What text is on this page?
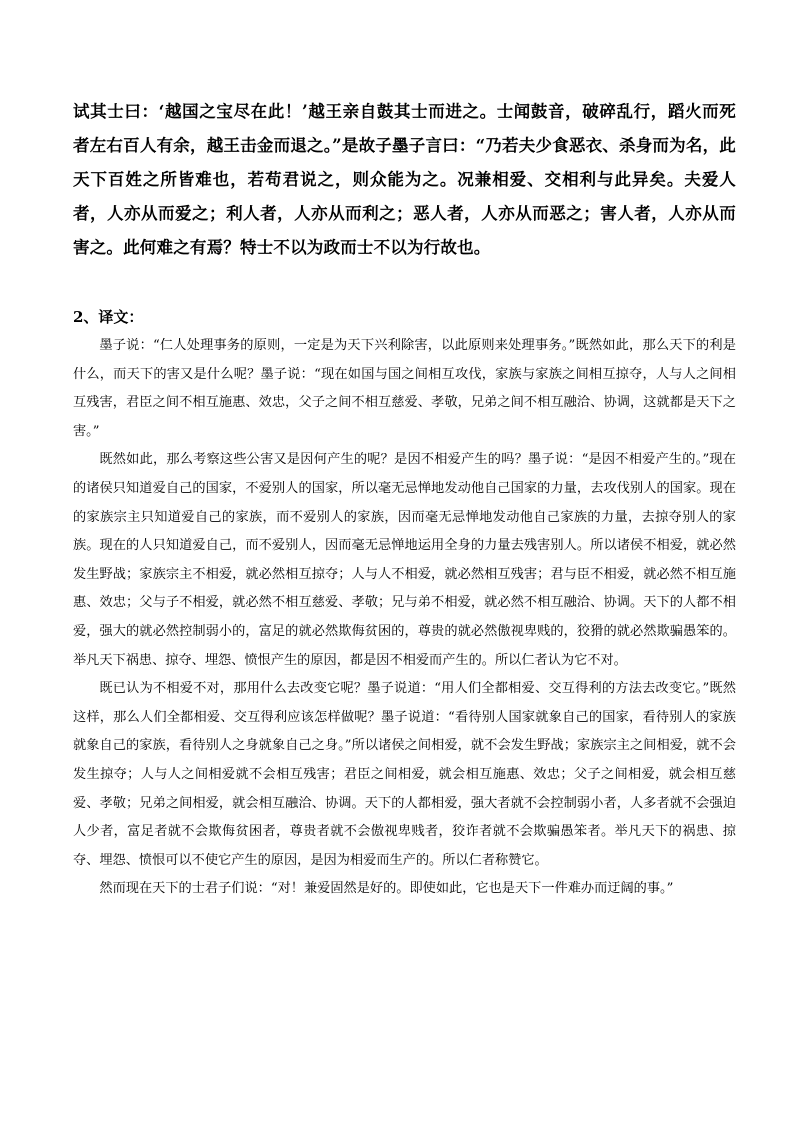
试其士曰：‘越国之宝尽在此！’越王亲自鼓其士而进之。士闻鼓音，破碎乱行，蹈火而死者左右百人有余，越王击金而退之。”是故子墨子言曰：“乃若夫少食恶衣、杀身而为名，此天下百姓之所皆难也，若苟君说之，则众能为之。况兼相爱、交相利与此异矣。夫爱人者，人亦从而爱之；利人者，人亦从而利之；恶人者，人亦从而恶之；害人者，人亦从而害之。此何难之有焉？特士不以为政而士不以为行故也。

2、译文：

墨子说：“仁人处理事务的原则，一定是为天下兴利除害，以此原则来处理事务。”既然如此，那么天下的利是什么，而天下的害又是什么呢？墨子说：“现在如国与国之间相互攻伐，家族与家族之间相互掠夺，人与人之间相互残害，君臣之间不相互施惠、效忠，父子之间不相互慈爱、孝敬，兄弟之间不相互融洽、协调，这就都是天下之害。”

既然如此，那么考察这些公害又是因何产生的呢？是因不相爱产生的吗？墨子说：“是因不相爱产生的。”现在的诸侯只知道爱自己的国家，不爱别人的国家，所以毫无忌惮地发动他自己国家的力量，去攻伐别人的国家。现在的家族宗主只知道爱自己的家族，而不爱别人的家族，因而毫无忌惮地发动他自己家族的力量，去掠夺别人的家族。现在的人只知道爱自己，而不爱别人，因而毫无忌惮地运用全身的力量去残害别人。所以诸侯不相爱，就必然发生野战；家族宗主不相爱，就必然相互掠夺；人与人不相爱，就必然相互残害；君与臣不相爱，就必然不相互施惠、效忠；父与子不相爱，就必然不相互慈爱、孝敬；兄与弟不相爱，就必然不相互融洽、协调。天下的人都不相爱，强大的就必然控制弱小的，富足的就必然欺侮贫困的，尊贵的就必然傲视卑贱的，狡猾的就必然欺骗愚笨的。举凡天下祸患、掠夺、埋怨、愤恨产生的原因，都是因不相爱而产生的。所以仁者认为它不对。

既已认为不相爱不对，那用什么去改变它呢？墨子说道：“用人们全都相爱、交互得利的方法去改变它。”既然这样，那么人们全都相爱、交互得利应该怎样做呢？墨子说道：“看待别人国家就象自己的国家，看待别人的家族就象自己的家族，看待别人之身就象自己之身。”所以诸侯之间相爱，就不会发生野战；家族宗主之间相爱，就不会发生掠夺；人与人之间相爱就不会相互残害；君臣之间相爱，就会相互施惠、效忠；父子之间相爱，就会相互慈爱、孝敬；兄弟之间相爱，就会相互融洽、协调。天下的人都相爱，强大者就不会控制弱小者，人多者就不会强迫人少者，富足者就不会欺侮贫困者，尊贵者就不会傲视卑贱者，狡诈者就不会欺骗愚笨者。举凡天下的祸患、掠夺、埋怨、愤恨可以不使它产生的原因，是因为相爱而生产的。所以仁者称赞它。

然而现在天下的士君子们说：“对！兼爱固然是好的。即使如此，它也是天下一件难办而迂阔的事。”
